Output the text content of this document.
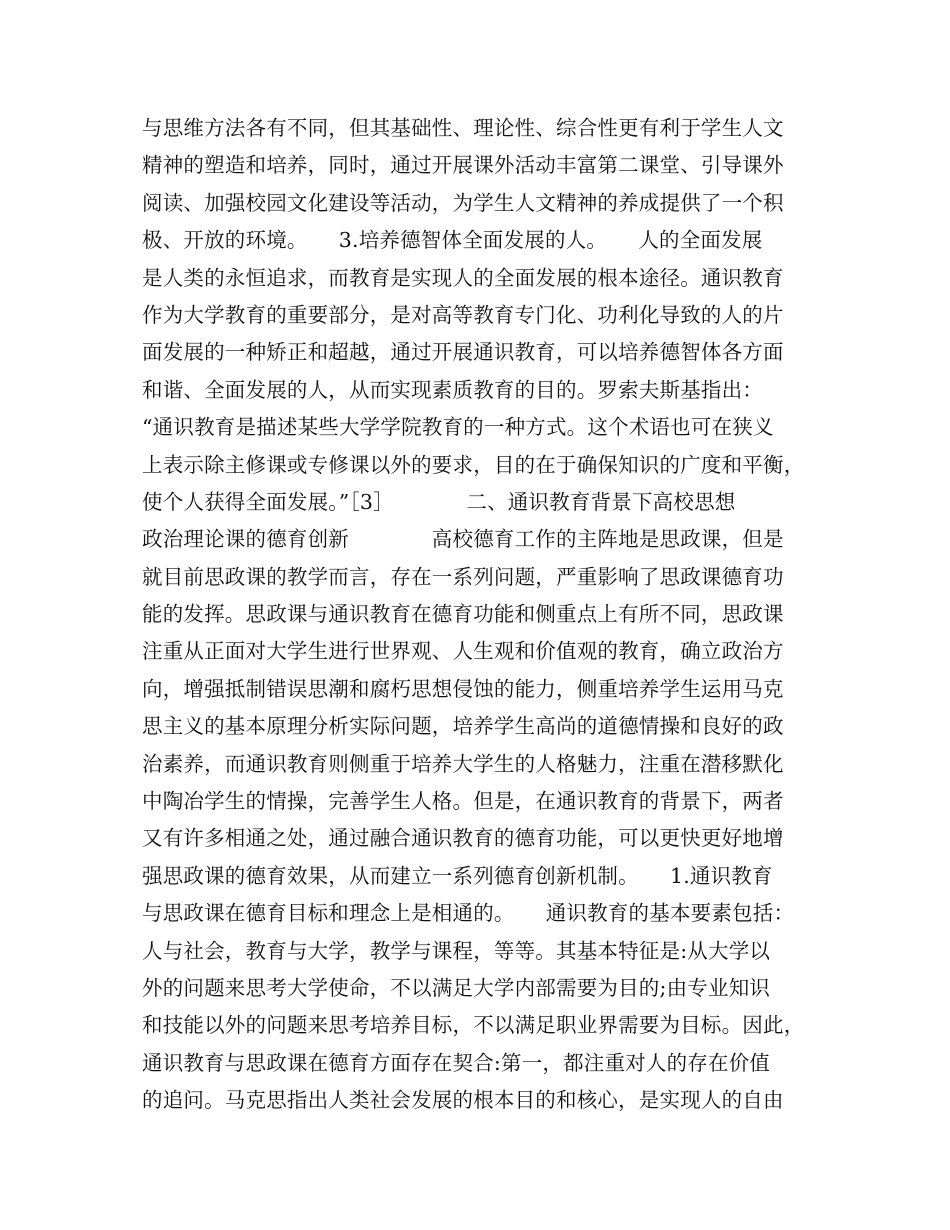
与思维方法各有不同，但其基础性、理论性、综合性更有利于学生人文
精神的塑造和培养，同时，通过开展课外活动丰富第二课堂、引导课外
阅读、加强校园文化建设等活动，为学生人文精神的养成提供了一个积
极、开放的环境。　　3.培养德智体全面发展的人。　　人的全面发展
是人类的永恒追求，而教育是实现人的全面发展的根本途径。通识教育
作为大学教育的重要部分，是对高等教育专门化、功利化导致的人的片
面发展的一种矫正和超越，通过开展通识教育，可以培养德智体各方面
和谐、全面发展的人，从而实现素质教育的目的。罗索夫斯基指出：
“通识教育是描述某些大学学院教育的一种方式。这个术语也可在狭义
上表示除主修课或专修课以外的要求，目的在于确保知识的广度和平衡，
使个人获得全面发展。”［3］　　　　二、通识教育背景下高校思想
政治理论课的德育创新　　　　高校德育工作的主阵地是思政课，但是
就目前思政课的教学而言，存在一系列问题，严重影响了思政课德育功
能的发挥。思政课与通识教育在德育功能和侧重点上有所不同，思政课
注重从正面对大学生进行世界观、人生观和价值观的教育，确立政治方
向，增强抵制错误思潮和腐朽思想侵蚀的能力，侧重培养学生运用马克
思主义的基本原理分析实际问题，培养学生高尚的道德情操和良好的政
治素养，而通识教育则侧重于培养大学生的人格魅力，注重在潜移默化
中陶冶学生的情操，完善学生人格。但是，在通识教育的背景下，两者
又有许多相通之处，通过融合通识教育的德育功能，可以更快更好地增
强思政课的德育效果，从而建立一系列德育创新机制。　　1.通识教育
与思政课在德育目标和理念上是相通的。　　通识教育的基本要素包括：
人与社会，教育与大学，教学与课程，等等。其基本特征是:从大学以
外的问题来思考大学使命，不以满足大学内部需要为目的;由专业知识
和技能以外的问题来思考培养目标，不以满足职业界需要为目标。因此，
通识教育与思政课在德育方面存在契合:第一，都注重对人的存在价值
的追问。马克思指出人类社会发展的根本目的和核心，是实现人的自由
